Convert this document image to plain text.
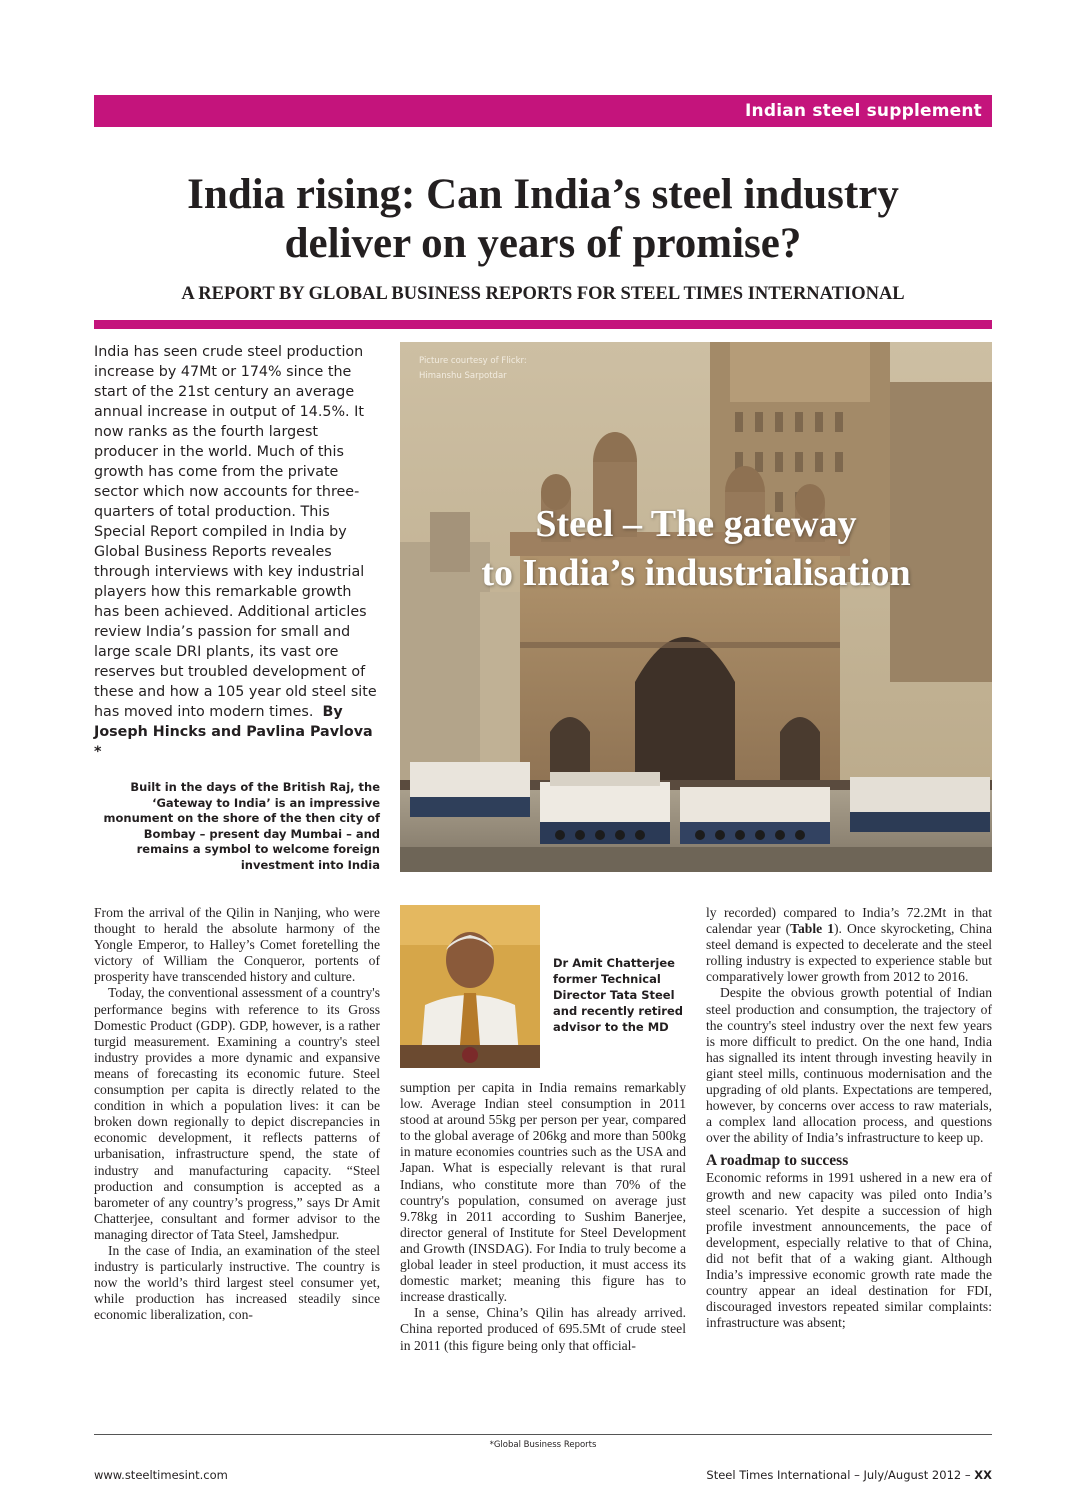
Indian steel supplement
India rising: Can India’s steel industry
deliver on years of promise?

A REPORT BY GLOBAL BUSINESS REPORTS FOR STEEL TIMES INTERNATIONAL

India has seen crude steel production increase by 47Mt or 174% since the start of the 21st century an average annual increase in output of 14.5%. It now ranks as the fourth largest producer in the world. Much of this growth has come from the private sector which now accounts for three-quarters of total production. This Special Report compiled in India by Global Business Reports reveales through interviews with key industrial players how this remarkable growth has been achieved. Additional articles review India’s passion for small and large scale DRI plants, its vast ore reserves but troubled development of these and how a 105 year old steel site has moved into modern times. By Joseph Hincks and Pavlina Pavlova *

Built in the days of the British Raj, the ‘Gateway to India’ is an impressive monument on the shore of the then city of Bombay – present day Mumbai – and remains a symbol to welcome foreign investment into India

Picture courtesy of Flickr:
Himanshu Sarpotdar
Steel – The gateway
to India’s industrialisation

From the arrival of the Qilin in Nanjing, who were thought to herald the absolute harmony of the Yongle Emperor, to Halley’s Comet foretelling the victory of William the Conqueror, portents of prosperity have transcended history and culture.

Today, the conventional assessment of a country's performance begins with reference to its Gross Domestic Product (GDP). GDP, however, is a rather turgid measurement. Examining a country's steel industry provides a more dynamic and expansive means of forecasting its economic future. Steel consumption per capita is directly related to the condition in which a population lives: it can be broken down regionally to depict discrepancies in economic development, it reflects patterns of urbanisation, infrastructure spend, the state of industry and manufacturing capacity. “Steel production and consumption is accepted as a barometer of any country’s progress,” says Dr Amit Chatterjee, consultant and former advisor to the managing director of Tata Steel, Jamshedpur.

In the case of India, an examination of the steel industry is particularly instructive. The country is now the world’s third largest steel consumer yet, while production has increased steadily since economic liberalization, con-

Dr Amit Chatterjee former Technical Director Tata Steel and recently retired advisor to the MD

sumption per capita in India remains remarkably low. Average Indian steel consumption in 2011 stood at around 55kg per person per year, compared to the global average of 206kg and more than 500kg in mature economies countries such as the USA and Japan. What is especially relevant is that rural Indians, who constitute more than 70% of the country's population, consumed on average just 9.78kg in 2011 according to Sushim Banerjee, director general of Institute for Steel Development and Growth (INSDAG). For India to truly become a global leader in steel production, it must access its domestic market; meaning this figure has to increase drastically.

In a sense, China’s Qilin has already arrived. China reported produced of 695.5Mt of crude steel in 2011 (this figure being only that official-

ly recorded) compared to India’s 72.2Mt in that calendar year (Table 1). Once skyrocketing, China steel demand is expected to decelerate and the steel rolling industry is expected to experience stable but comparatively lower growth from 2012 to 2016.

Despite the obvious growth potential of Indian steel production and consumption, the trajectory of the country's steel industry over the next few years is more difficult to predict. On the one hand, India has signalled its intent through investing heavily in giant steel mills, continuous modernisation and the upgrading of old plants. Expectations are tempered, however, by concerns over access to raw materials, a complex land allocation process, and questions over the ability of India’s infrastructure to keep up.

A roadmap to success

Economic reforms in 1991 ushered in a new era of growth and new capacity was piled onto India’s steel scenario. Yet despite a succession of high profile investment announcements, the pace of development, especially relative to that of China, did not befit that of a waking giant. Although India’s impressive economic growth rate made the country appear an ideal destination for FDI, discouraged investors repeated similar complaints: infrastructure was absent;

*Global Business Reports
www.steeltimesint.com	Steel Times International – July/August 2012 – XX
